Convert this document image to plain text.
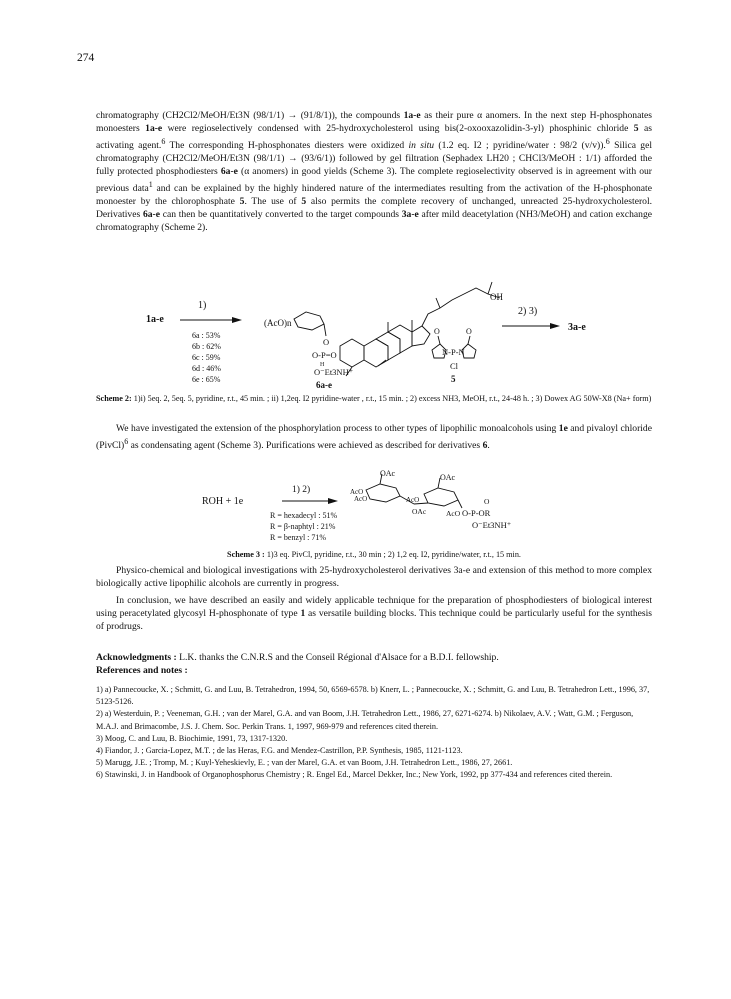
274

chromatography (CH2Cl2/MeOH/Et3N (98/1/1) → (91/8/1)), the compounds 1a-e as their pure α anomers. In the next step H-phosphonates monoesters 1a-e were regioselectively condensed with 25-hydroxycholesterol using bis(2-oxooxazolidin-3-yl) phosphinic chloride 5 as activating agent.$^6$ The corresponding H-phosphonates diesters were oxidized in situ (1.2 eq. I2 ; pyridine/water : 98/2 (v/v)).$^6$ Silica gel chromatography (CH2Cl2/MeOH/Et3N (98/1/1) → (93/6/1)) followed by gel filtration (Sephadex LH20 ; CHCl3/MeOH : 1/1) afforded the fully protected phosphodiesters 6a-e (α anomers) in good yields (Scheme 3). The complete regioselectivity observed is in agreement with our previous data$^1$ and can be explained by the highly hindered nature of the intermediates resulting from the activation of the H-phosphonate monoester by the chlorophosphate 5. The use of 5 also permits the complete recovery of unchanged, unreacted 25-hydroxycholesterol. Derivatives 6a-e can then be quantitatively converted to the target compounds 3a-e after mild deacetylation (NH3/MeOH) and cation exchange chromatography (Scheme 2).

1a-e
1)
6a : 53%
6b : 62%
6c : 59%
6d : 46%
6e : 65%
(AcO)n
O
O-P=O
H
O⁻Et3NH⁺
6a-e
OH
2) 3)
3a-e
O	O
N-P-N
Cl
5

Scheme 2: 1)i) 5eq. 2, 5eq. 5, pyridine, r.t., 45 min. ; ii) 1,2eq. I2 pyridine-water , r.t., 15 min. ; 2) excess NH3, MeOH, r.t., 24-48 h. ; 3) Dowex AG 50W-X8 (Na+ form)

We have investigated the extension of the phosphorylation process to other types of lipophilic monoalcohols using 1e and pivaloyl chloride (PivCl)$^6$ as condensating agent (Scheme 3). Purifications were achieved as described for derivatives 6.

ROH + 1e
1) 2)
R = hexadecyl : 51%
R = β-naphtyl : 21%
R = benzyl : 71%
OAc	OAc
AcO
AcO	AcO
OAc	AcO
O
O-P-OR
O⁻Et3NH⁺

Scheme 3 : 1)3 eq. PivCl, pyridine, r.t., 30 min ; 2) 1,2 eq. I2, pyridine/water, r.t., 15 min.

Physico-chemical and biological investigations with 25-hydroxycholesterol derivatives 3a-e and extension of this method to more complex biologically active lipophilic alcohols are currently in progress.

In conclusion, we have described an easily and widely applicable technique for the preparation of phosphodiesters of biological interest using peracetylated glycosyl H-phosphonate of type 1 as versatile building blocks. This technique could be particularly useful for the synthesis of prodrugs.

Acknowledgments : L.K. thanks the C.N.R.S and the Conseil Régional d'Alsace for a B.D.I. fellowship.

References and notes :

1) a) Pannecoucke, X. ; Schmitt, G. and Luu, B. Tetrahedron, 1994, 50, 6569-6578. b) Knerr, L. ; Pannecoucke, X. ; Schmitt, G. and Luu, B. Tetrahedron Lett., 1996, 37, 5123-5126.

2) a) Westerduin, P. ; Veeneman, G.H. ; van der Marel, G.A. and van Boom, J.H. Tetrahedron Lett., 1986, 27, 6271-6274. b) Nikolaev, A.V. ; Watt, G.M. ; Ferguson, M.A.J. and Brimacombe, J.S. J. Chem. Soc. Perkin Trans. 1, 1997, 969-979 and references cited therein.

3) Moog, C. and Luu, B. Biochimie, 1991, 73, 1317-1320.

4) Fiandor, J. ; Garcia-Lopez, M.T. ; de las Heras, F.G. and Mendez-Castrillon, P.P. Synthesis, 1985, 1121-1123.

5) Marugg, J.E. ; Tromp, M. ; Kuyl-Yeheskievly, E. ; van der Marel, G.A. et van Boom, J.H. Tetrahedron Lett., 1986, 27, 2661.

6) Stawinski, J. in Handbook of Organophosphorus Chemistry ; R. Engel Ed., Marcel Dekker, Inc.; New York, 1992, pp 377-434 and references cited therein.
